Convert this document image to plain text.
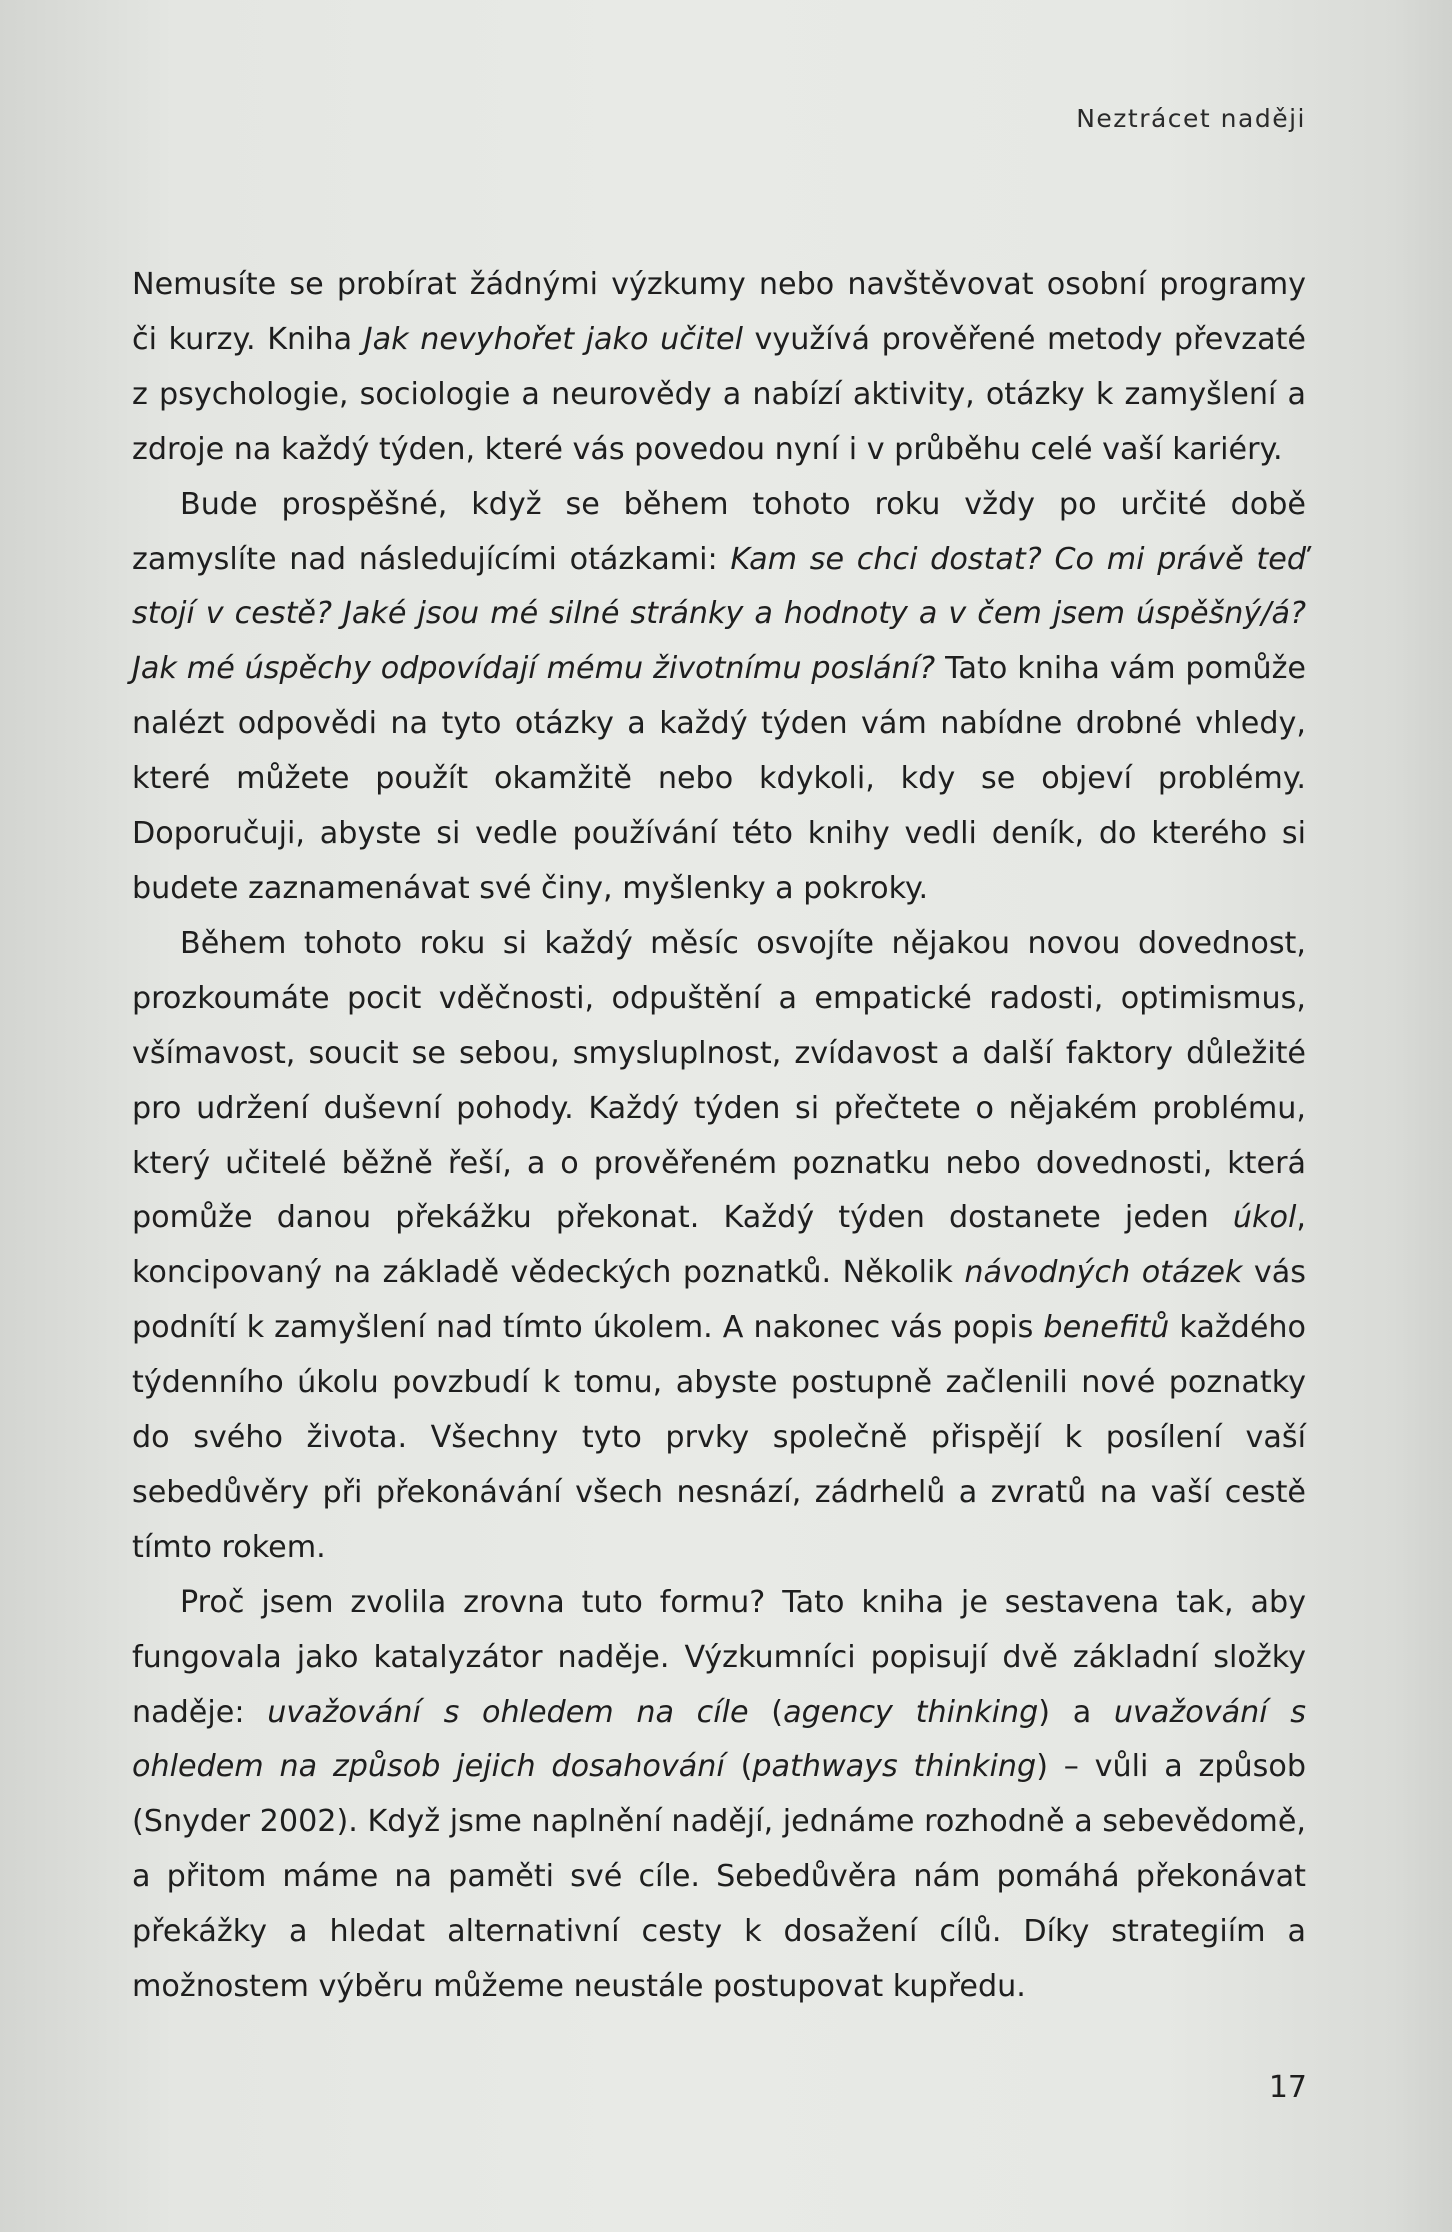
Neztrácet naději

Nemusíte se probírat žádnými výzkumy nebo navštěvovat osobní programy či kurzy. Kniha Jak nevyhořet jako učitel využívá prověřené metody převzaté z psychologie, sociologie a neurovědy a nabízí aktivity, otázky k zamyšlení a zdroje na každý týden, které vás povedou nyní i v průběhu celé vaší kariéry.

Bude prospěšné, když se během tohoto roku vždy po určité době zamyslíte nad následujícími otázkami: Kam se chci dostat? Co mi právě teď stojí v cestě? Jaké jsou mé silné stránky a hodnoty a v čem jsem úspěšný/á? Jak mé úspěchy odpovídají mému životnímu poslání? Tato kniha vám pomůže nalézt odpovědi na tyto otázky a každý týden vám nabídne drobné vhledy, které můžete použít okamžitě nebo kdykoli, kdy se objeví problémy. Doporučuji, abyste si vedle používání této knihy vedli deník, do kterého si budete zaznamenávat své činy, myšlenky a pokroky.

Během tohoto roku si každý měsíc osvojíte nějakou novou dovednost, prozkoumáte pocit vděčnosti, odpuštění a empatické radosti, optimismus, všímavost, soucit se sebou, smysluplnost, zvídavost a další faktory důležité pro udržení duševní pohody. Každý týden si přečtete o nějakém problému, který učitelé běžně řeší, a o prověřeném poznatku nebo dovednosti, která pomůže danou překážku překonat. Každý týden dostanete jeden úkol, koncipovaný na základě vědeckých poznatků. Několik návodných otázek vás podnítí k zamyšlení nad tímto úkolem. A nakonec vás popis benefitů každého týdenního úkolu povzbudí k tomu, abyste postupně začlenili nové poznatky do svého života. Všechny tyto prvky společně přispějí k posílení vaší sebedůvěry při překonávání všech nesnází, zádrhelů a zvratů na vaší cestě tímto rokem.

Proč jsem zvolila zrovna tuto formu? Tato kniha je sestavena tak, aby fungovala jako katalyzátor naděje. Výzkumníci popisují dvě základní složky naděje: uvažování s ohledem na cíle (agency thinking) a uvažování s ohledem na způsob jejich dosahování (pathways thinking) – vůli a způsob (Snyder 2002). Když jsme naplnění nadějí, jednáme rozhodně a sebevědomě, a přitom máme na paměti své cíle. Sebedůvěra nám pomáhá překonávat překážky a hledat alternativní cesty k dosažení cílů. Díky strategiím a možnostem výběru můžeme neustále postupovat kupředu.

17
